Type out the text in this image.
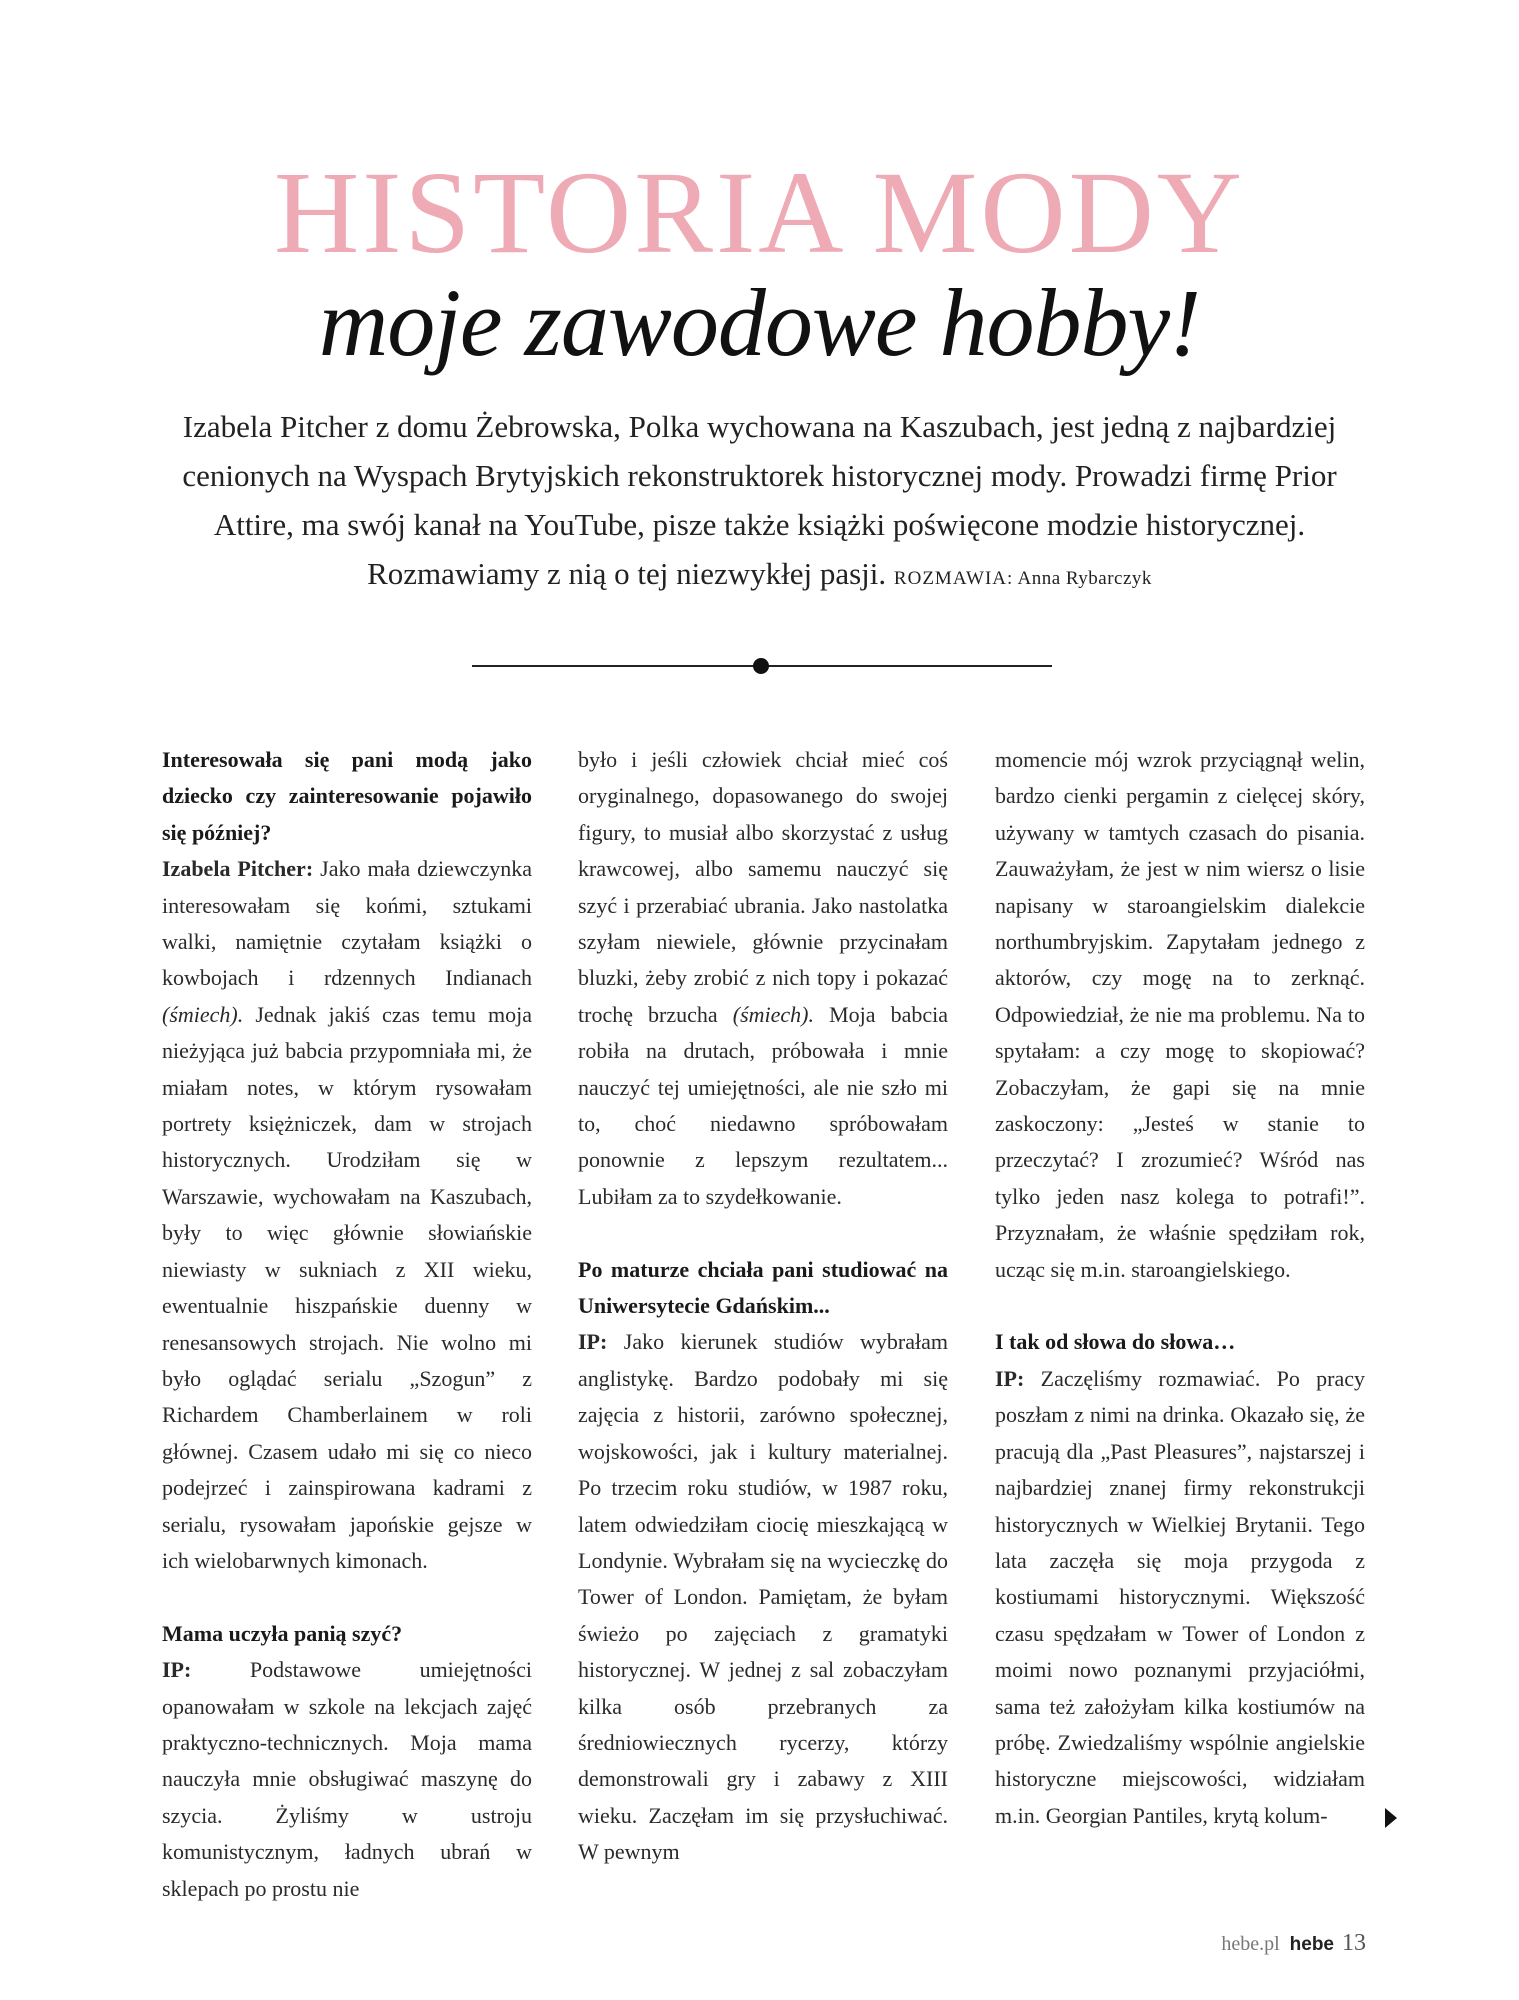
HISTORIA MODY
moje zawodowe hobby!
Izabela Pitcher z domu Żebrowska, Polka wychowana na Kaszubach, jest jedną z najbardziej cenionych na Wyspach Brytyjskich rekonstruktorek historycznej mody. Prowadzi firmę Prior Attire, ma swój kanał na YouTube, pisze także książki poświęcone modzie historycznej. Rozmawiamy z nią o tej niezwykłej pasji. ROZMAWIA: Anna Rybarczyk

Interesowała się pani modą jako dziecko czy zainteresowanie pojawiło się później?

Izabela Pitcher: Jako mała dziewczynka interesowałam się końmi, sztukami walki, namiętnie czytałam książki o kowbojach i rdzennych Indianach (śmiech). Jednak jakiś czas temu moja nieżyjąca już babcia przypomniała mi, że miałam notes, w którym rysowałam portrety księżniczek, dam w strojach historycznych. Urodziłam się w Warszawie, wychowałam na Kaszubach, były to więc głównie słowiańskie niewiasty w sukniach z XII wieku, ewentualnie hiszpańskie duenny w renesansowych strojach. Nie wolno mi było oglądać serialu „Szogun” z Richardem Chamberlainem w roli głównej. Czasem udało mi się co nieco podejrzeć i zainspirowana kadrami z serialu, rysowałam japońskie gejsze w ich wielobarwnych kimonach.

Mama uczyła panią szyć?

IP:	Podstawowe umiejętności opanowałam w szkole na lekcjach zajęć praktyczno-technicznych. Moja mama nauczyła mnie obsługiwać maszynę do szycia. Żyliśmy w ustroju komunistycznym, ładnych ubrań w sklepach po prostu nie

było i jeśli człowiek chciał mieć coś oryginalnego, dopasowanego do swojej figury, to musiał albo skorzystać z usług krawcowej, albo samemu nauczyć się szyć i przerabiać ubrania. Jako nastolatka szyłam niewiele, głównie przycinałam bluzki, żeby zrobić z nich topy i pokazać trochę brzucha (śmiech). Moja babcia robiła na drutach, próbowała i mnie nauczyć tej umiejętności, ale nie szło mi to, choć niedawno spróbowałam ponownie z lepszym rezultatem... Lubiłam za to szydełkowanie.

Po maturze chciała pani studiować na Uniwersytecie Gdańskim...

IP: Jako kierunek studiów wybrałam anglistykę. Bardzo podobały mi się zajęcia z historii, zarówno społecznej, wojskowości, jak i kultury materialnej. Po trzecim roku studiów, w 1987 roku, latem odwiedziłam ciocię mieszkającą w Londynie. Wybrałam się na wycieczkę do Tower of London. Pamiętam, że byłam świeżo po zajęciach z gramatyki historycznej. W jednej z sal zobaczyłam kilka osób przebranych za średniowiecznych rycerzy, którzy demonstrowali gry i zabawy z XIII wieku. Zaczęłam im się przysłuchiwać. W pewnym

momencie mój wzrok przyciągnął welin, bardzo cienki pergamin z cielęcej skóry, używany w tamtych czasach do pisania. Zauważyłam, że jest w nim wiersz o lisie napisany w staroangielskim dialekcie northumbryjskim. Zapytałam jednego z aktorów, czy mogę na to zerknąć. Odpowiedział, że nie ma problemu. Na to spytałam: a czy mogę to skopiować? Zobaczyłam, że gapi się na mnie zaskoczony: „Jesteś w stanie to przeczytać? I zrozumieć? Wśród nas tylko jeden nasz kolega to potrafi!”. Przyznałam, że właśnie spędziłam rok, ucząc się m.in. staroangielskiego.

I tak od słowa do słowa…

IP: Zaczęliśmy rozmawiać. Po pracy poszłam z nimi na drinka. Okazało się, że pracują dla „Past Pleasures”, najstarszej i najbardziej znanej firmy rekonstrukcji historycznych w Wielkiej Brytanii. Tego lata zaczęła się moja przygoda z kostiumami historycznymi. Większość czasu spędzałam w Tower of London z moimi nowo poznanymi przyjaciółmi, sama też założyłam kilka kostiumów na próbę. Zwiedzaliśmy wspólnie angielskie historyczne miejscowości, widziałam m.in. Georgian Pantiles, krytą kolum-

hebe.pl hebe 13
